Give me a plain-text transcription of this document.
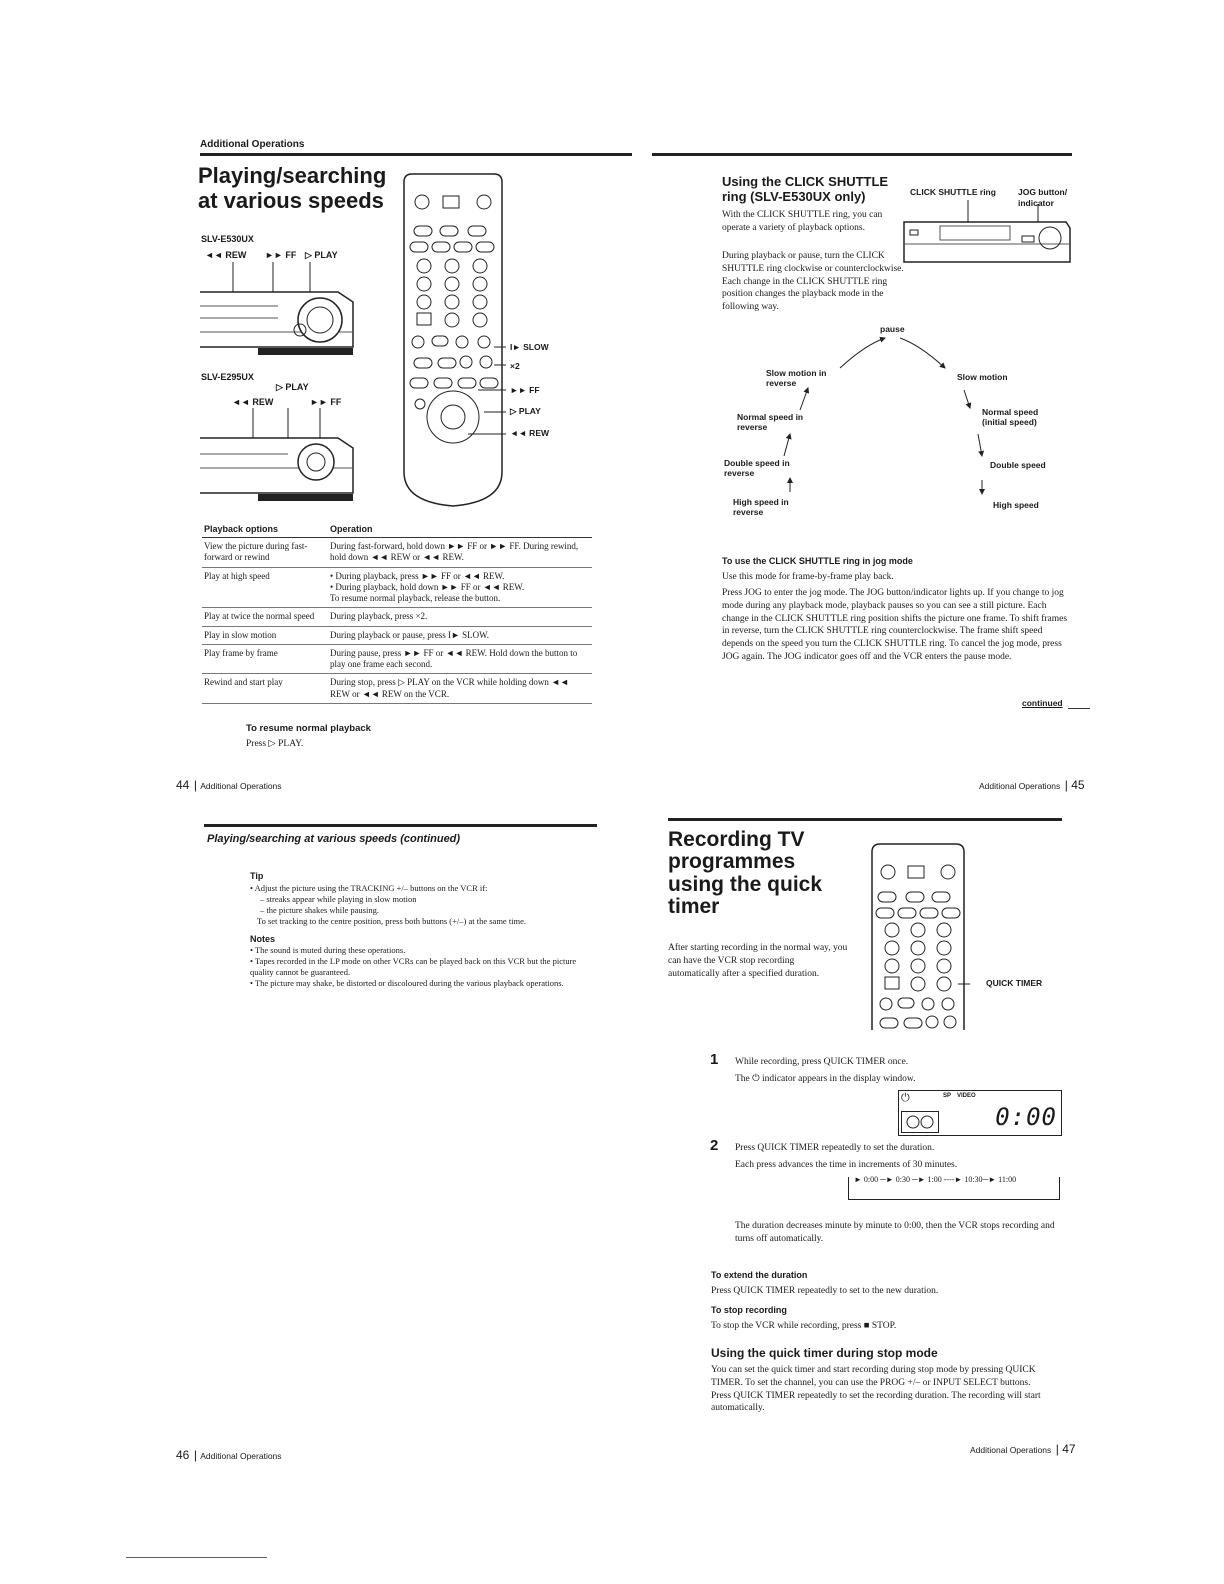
Additional Operations
Playing/searching
at various speeds
SLV-E530UX
◄◄ REW ►► FF ▷ PLAY
SLV-E295UX
▷ PLAY
◄◄ REW	►► FF
I► SLOW
×2
►► FF
▷ PLAY
◄◄ REW
Playback options	Operation
View the picture during fast-forward or rewind	During fast-forward, hold down ►► FF or ►► FF. During rewind, hold down ◄◄ REW or ◄◄ REW.
Play at high speed	• During playback, press ►► FF or ◄◄ REW.
• During playback, hold down ►► FF or ◄◄ REW.
To resume normal playback, release the button.
Play at twice the normal speed	During playback, press ×2.
Play in slow motion	During playback or pause, press I► SLOW.
Play frame by frame	During pause, press ►► FF or ◄◄ REW. Hold down the button to play one frame each second.
Rewind and start play	During stop, press ▷ PLAY on the VCR while holding down ◄◄ REW or ◄◄ REW on the VCR.
To resume normal playback
Press ▷ PLAY.
44 | Additional Operations
Using the CLICK SHUTTLE
ring (SLV-E530UX only)
With the CLICK SHUTTLE ring, you can operate a variety of playback options.
During playback or pause, turn the CLICK SHUTTLE ring clockwise or counterclockwise. Each change in the CLICK SHUTTLE ring position changes the playback mode in the following way.
CLICK SHUTTLE ring	JOG button/ indicator
pause
Slow motion in reverse
Normal speed in reverse
Double speed in reverse
High speed in reverse
Slow motion
Normal speed (initial speed)
Double speed
High speed
To use the CLICK SHUTTLE ring in jog mode
Use this mode for frame-by-frame play back.
Press JOG to enter the jog mode. The JOG button/indicator lights up. If you change to jog mode during any playback mode, playback pauses so you can see a still picture. Each change in the CLICK SHUTTLE ring position shifts the picture one frame. To shift frames in reverse, turn the CLICK SHUTTLE ring counterclockwise. The frame shift speed depends on the speed you turn the CLICK SHUTTLE ring. To cancel the jog mode, press JOG again. The JOG indicator goes off and the VCR enters the pause mode.
continued
Additional Operations | 45
Playing/searching at various speeds (continued)
Tip
• Adjust the picture using the TRACKING +/– buttons on the VCR if:
– streaks appear while playing in slow motion
– the picture shakes while pausing.
To set tracking to the centre position, press both buttons (+/–) at the same time.
Notes
• The sound is muted during these operations.
• Tapes recorded in the LP mode on other VCRs can be played back on this VCR but the picture quality cannot be guaranteed.
• The picture may shake, be distorted or discoloured during the various playback operations.
46 | Additional Operations
Recording TV
programmes
using the quick
timer
After starting recording in the normal way, you can have the VCR stop recording automatically after a specified duration.
QUICK TIMER
1 While recording, press QUICK TIMER once.
The ⏻ indicator appears in the display window.
⏻	SP VIDEO
0:00
2 Press QUICK TIMER repeatedly to set the duration.
Each press advances the time in increments of 30 minutes.
► 0:00 ─► 0:30 ─► 1:00 ----► 10:30─► 11:00
The duration decreases minute by minute to 0:00, then the VCR stops recording and turns off automatically.
To extend the duration
Press QUICK TIMER repeatedly to set to the new duration.
To stop recording
To stop the VCR while recording, press ■ STOP.
Using the quick timer during stop mode
You can set the quick timer and start recording during stop mode by pressing QUICK TIMER. To set the channel, you can use the PROG +/– or INPUT SELECT buttons. Press QUICK TIMER repeatedly to set the recording duration. The recording will start automatically.
Additional Operations | 47
